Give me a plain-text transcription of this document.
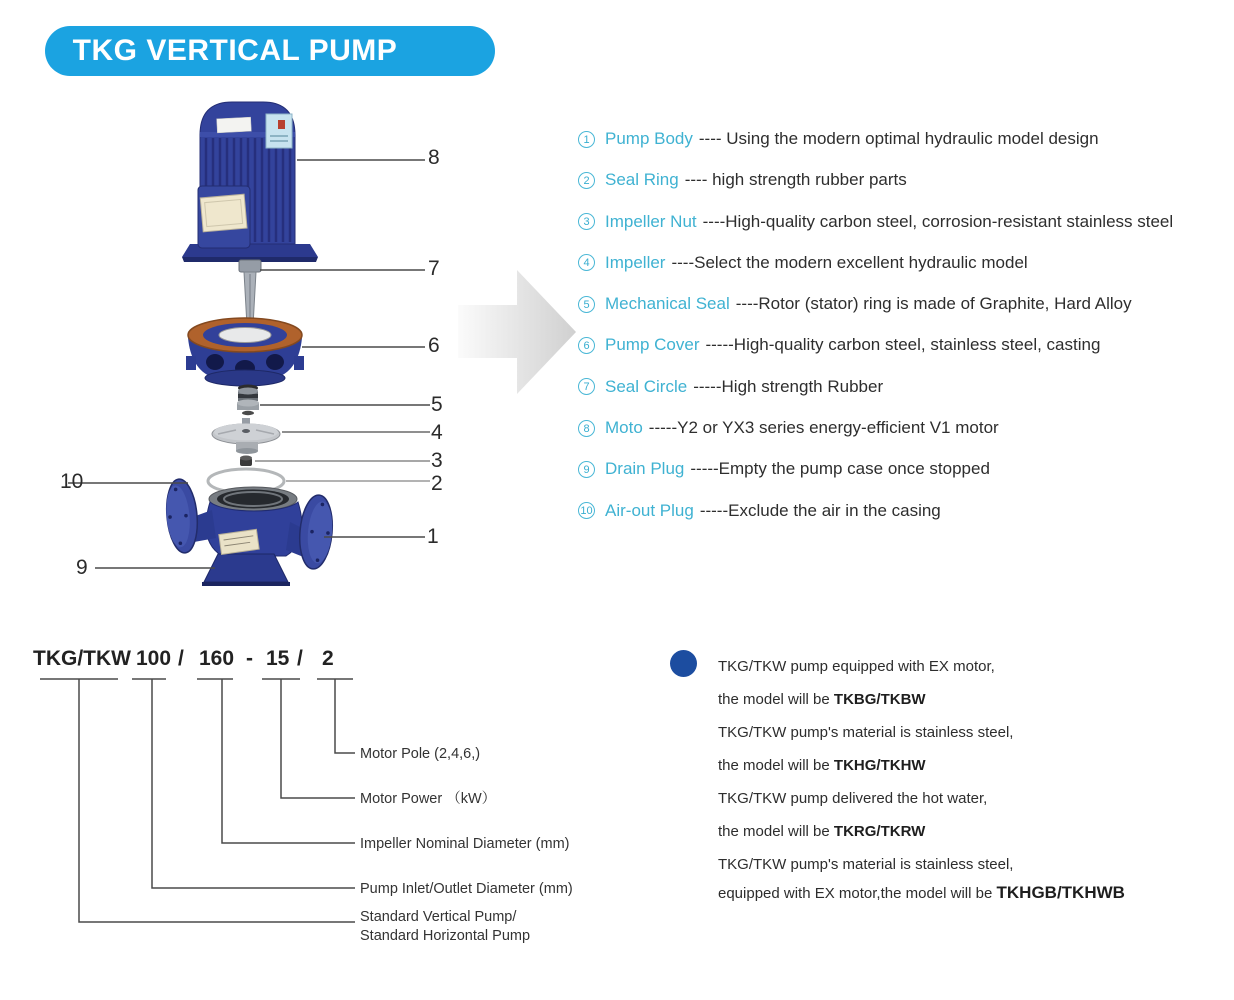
TKG VERTICAL PUMP
8
7
6
5
4
3
2
1
10
9
1 Pump Body ---- Using the modern optimal hydraulic model design
2 Seal Ring ---- high strength rubber parts
3 Impeller Nut ----High-quality carbon steel, corrosion-resistant stainless steel
4 Impeller ----Select the modern excellent hydraulic model
5 Mechanical Seal ----Rotor (stator) ring is made of Graphite, Hard Alloy
6 Pump Cover -----High-quality carbon steel, stainless steel, casting
7 Seal Circle -----High strength Rubber
8 Moto -----Y2 or YX3 series energy-efficient V1 motor
9 Drain Plug -----Empty the pump case once stopped
10 Air-out Plug -----Exclude the air in the casing
TKG/TKW 100 / 160 - 15 / 2
Motor Pole (2,4,6,)
Motor Power （kW）
Impeller Nominal Diameter (mm)
Pump Inlet/Outlet Diameter (mm)
Standard Vertical Pump/
Standard Horizontal Pump
TKG/TKW pump equipped with EX motor,
the model will be TKBG/TKBW
TKG/TKW pump's material is stainless steel,
the model will be TKHG/TKHW
TKG/TKW pump delivered the hot water,
the model will be TKRG/TKRW
TKG/TKW pump's material is stainless steel,
equipped with EX motor,the model will be TKHGB/TKHWB
